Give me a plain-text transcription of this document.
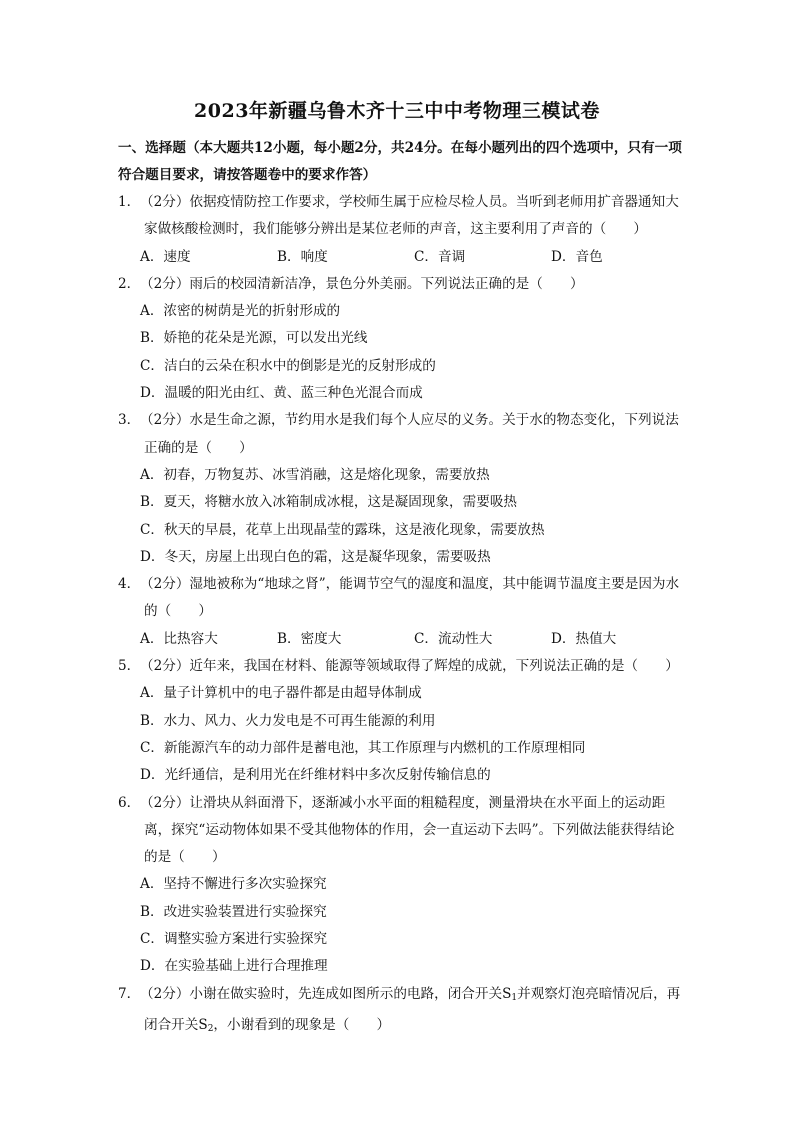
2023年新疆乌鲁木齐十三中中考物理三模试卷
一、选择题（本大题共12小题，每小题2分，共24分。在每小题列出的四个选项中，只有一项符合题目要求，请按答题卷中的要求作答）
1．（2分）依据疫情防控工作要求，学校师生属于应检尽检人员。当听到老师用扩音器通知大家做核酸检测时，我们能够分辨出是某位老师的声音，这主要利用了声音的（　　）
A．速度	B．响度	C．音调	D．音色
2．（2分）雨后的校园清新洁净，景色分外美丽。下列说法正确的是（　　）
A．浓密的树荫是光的折射形成的
B．娇艳的花朵是光源，可以发出光线
C．洁白的云朵在积水中的倒影是光的反射形成的
D．温暖的阳光由红、黄、蓝三种色光混合而成
3．（2分）水是生命之源，节约用水是我们每个人应尽的义务。关于水的物态变化，下列说法正确的是（　　）
A．初春，万物复苏、冰雪消融，这是熔化现象，需要放热
B．夏天，将糖水放入冰箱制成冰棍，这是凝固现象，需要吸热
C．秋天的早晨，花草上出现晶莹的露珠，这是液化现象，需要放热
D．冬天，房屋上出现白色的霜，这是凝华现象，需要吸热
4．（2分）湿地被称为“地球之肾”，能调节空气的湿度和温度，其中能调节温度主要是因为水的（　　）
A．比热容大	B．密度大	C．流动性大	D．热值大
5．（2分）近年来，我国在材料、能源等领域取得了辉煌的成就，下列说法正确的是（　　）
A．量子计算机中的电子器件都是由超导体制成
B．水力、风力、火力发电是不可再生能源的利用
C．新能源汽车的动力部件是蓄电池，其工作原理与内燃机的工作原理相同
D．光纤通信，是利用光在纤维材料中多次反射传输信息的
6．（2分）让滑块从斜面滑下，逐渐减小水平面的粗糙程度，测量滑块在水平面上的运动距离，探究“运动物体如果不受其他物体的作用，会一直运动下去吗”。下列做法能获得结论的是（　　）
A．坚持不懈进行多次实验探究
B．改进实验装置进行实验探究
C．调整实验方案进行实验探究
D．在实验基础上进行合理推理
7．（2分）小谢在做实验时，先连成如图所示的电路，闭合开关$S_1$并观察灯泡亮暗情况后，再闭合开关$S_2$，小谢看到的现象是（　　）
